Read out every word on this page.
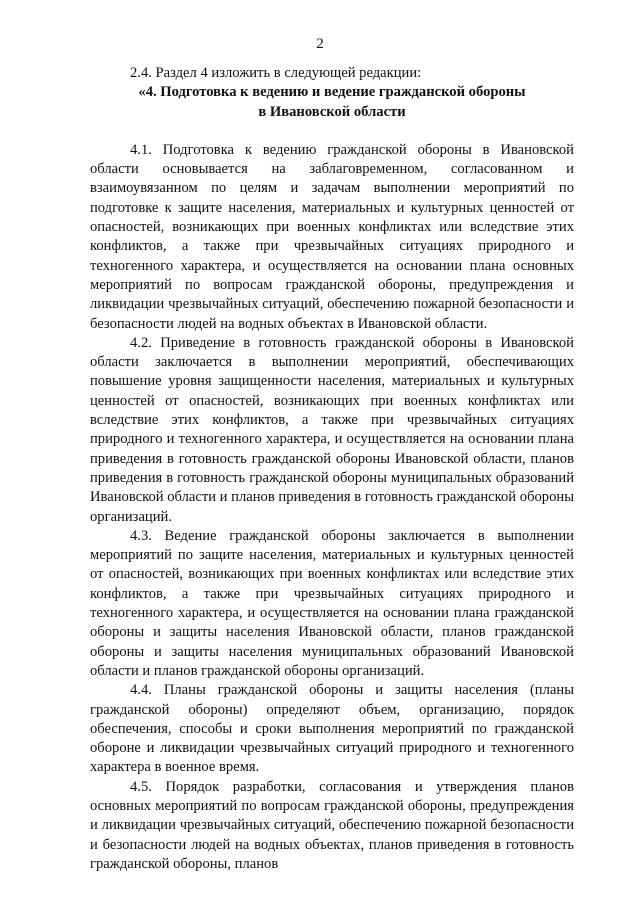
2

2.4. Раздел 4 изложить в следующей редакции:

«4. Подготовка к ведению и ведение гражданской обороны
в Ивановской области

4.1. Подготовка к ведению гражданской обороны в Ивановской области основывается на заблаговременном, согласованном и взаимоувязанном по целям и задачам выполнении мероприятий по подготовке к защите населения, материальных и культурных ценностей от опасностей, возникающих при военных конфликтах или вследствие этих конфликтов, а также при чрезвычайных ситуациях природного и техногенного характера, и осуществляется на основании плана основных мероприятий по вопросам гражданской обороны, предупреждения и ликвидации чрезвычайных ситуаций, обеспечению пожарной безопасности и безопасности людей на водных объектах в Ивановской области.

4.2. Приведение в готовность гражданской обороны в Ивановской области заключается в выполнении мероприятий, обеспечивающих повышение уровня защищенности населения, материальных и культурных ценностей от опасностей, возникающих при военных конфликтах или вследствие этих конфликтов, а также при чрезвычайных ситуациях природного и техногенного характера, и осуществляется на основании плана приведения в готовность гражданской обороны Ивановской области, планов приведения в готовность гражданской обороны муниципальных образований Ивановской области и планов приведения в готовность гражданской обороны организаций.

4.3. Ведение гражданской обороны заключается в выполнении мероприятий по защите населения, материальных и культурных ценностей от опасностей, возникающих при военных конфликтах или вследствие этих конфликтов, а также при чрезвычайных ситуациях природного и техногенного характера, и осуществляется на основании плана гражданской обороны и защиты населения Ивановской области, планов гражданской обороны и защиты населения муниципальных образований Ивановской области и планов гражданской обороны организаций.

4.4. Планы гражданской обороны и защиты населения (планы гражданской обороны) определяют объем, организацию, порядок обеспечения, способы и сроки выполнения мероприятий по гражданской обороне и ликвидации чрезвычайных ситуаций природного и техногенного характера в военное время.

4.5. Порядок разработки, согласования и утверждения планов основных мероприятий по вопросам гражданской обороны, предупреждения и ликвидации чрезвычайных ситуаций, обеспечению пожарной безопасности и безопасности людей на водных объектах, планов приведения в готовность гражданской обороны, планов
